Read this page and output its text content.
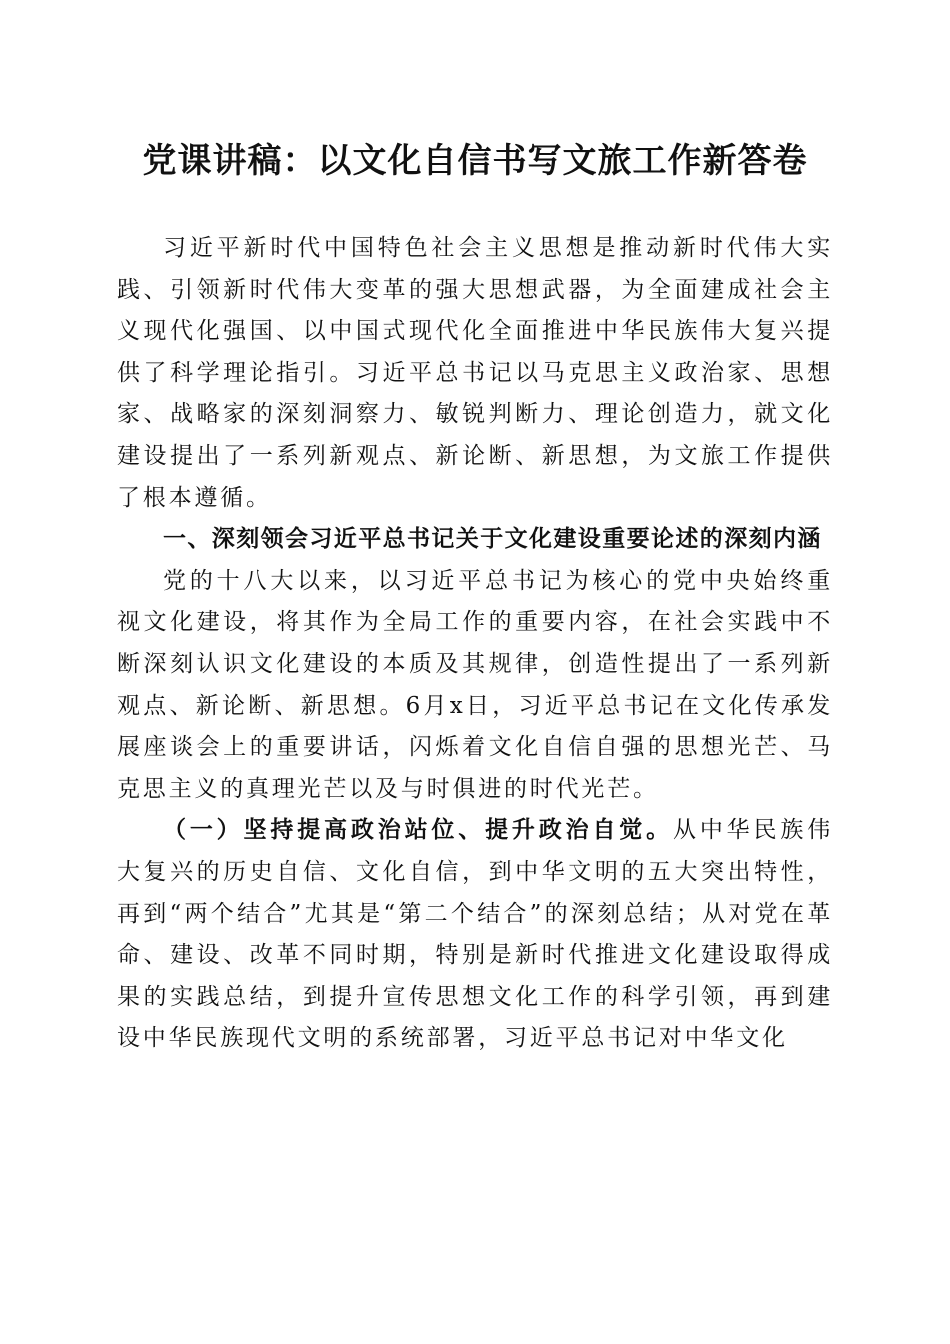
党课讲稿：以文化自信书写文旅工作新答卷

习近平新时代中国特色社会主义思想是推动新时代伟大实践、引领新时代伟大变革的强大思想武器，为全面建成社会主义现代化强国、以中国式现代化全面推进中华民族伟大复兴提供了科学理论指引。习近平总书记以马克思主义政治家、思想家、战略家的深刻洞察力、敏锐判断力、理论创造力，就文化建设提出了一系列新观点、新论断、新思想，为文旅工作提供了根本遵循。

一、深刻领会习近平总书记关于文化建设重要论述的深刻内涵

党的十八大以来，以习近平总书记为核心的党中央始终重视文化建设，将其作为全局工作的重要内容，在社会实践中不断深刻认识文化建设的本质及其规律，创造性提出了一系列新观点、新论断、新思想。6月x日，习近平总书记在文化传承发展座谈会上的重要讲话，闪烁着文化自信自强的思想光芒、马克思主义的真理光芒以及与时俱进的时代光芒。

（一）坚持提高政治站位、提升政治自觉。从中华民族伟大复兴的历史自信、文化自信，到中华文明的五大突出特性，再到“两个结合”尤其是“第二个结合”的深刻总结；从对党在革命、建设、改革不同时期，特别是新时代推进文化建设取得成果的实践总结，到提升宣传思想文化工作的科学引领，再到建设中华民族现代文明的系统部署，习近平总书记对中华文化
